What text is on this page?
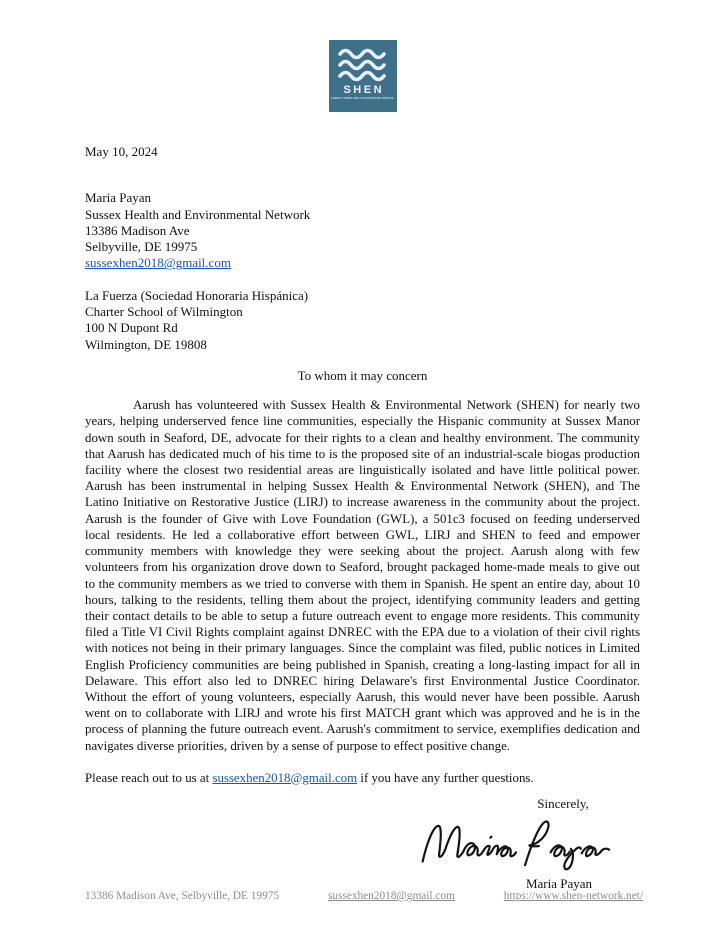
SHEN
Sussex Health and Environmental Network
May 10, 2024
Maria Payan
Sussex Health and Environmental Network
13386 Madison Ave
Selbyville, DE 19975
sussexhen2018@gmail.com
La Fuerza (Sociedad Honoraria Hispánica)
Charter School of Wilmington
100 N Dupont Rd
Wilmington, DE 19808
To whom it may concern

Aarush has volunteered with Sussex Health & Environmental Network (SHEN) for nearly two years, helping underserved fence line communities, especially the Hispanic community at Sussex Manor down south in Seaford, DE, advocate for their rights to a clean and healthy environment. The community that Aarush has dedicated much of his time to is the proposed site of an industrial-scale biogas production facility where the closest two residential areas are linguistically isolated and have little political power. Aarush has been instrumental in helping Sussex Health & Environmental Network (SHEN), and The Latino Initiative on Restorative Justice (LIRJ) to increase awareness in the community about the project. Aarush is the founder of Give with Love Foundation (GWL), a 501c3 focused on feeding underserved local residents. He led a collaborative effort between GWL, LIRJ and SHEN to feed and empower community members with knowledge they were seeking about the project. Aarush along with few volunteers from his organization drove down to Seaford, brought packaged home-made meals to give out to the community members as we tried to converse with them in Spanish. He spent an entire day, about 10 hours, talking to the residents, telling them about the project, identifying community leaders and getting their contact details to be able to setup a future outreach event to engage more residents. This community filed a Title VI Civil Rights complaint against DNREC with the EPA due to a violation of their civil rights with notices not being in their primary languages. Since the complaint was filed, public notices in Limited English Proficiency communities are being published in Spanish, creating a long-lasting impact for all in Delaware. This effort also led to DNREC hiring Delaware's first Environmental Justice Coordinator. Without the effort of young volunteers, especially Aarush, this would never have been possible. Aarush went on to collaborate with LIRJ and wrote his first MATCH grant which was approved and he is in the process of planning the future outreach event. Aarush's commitment to service, exemplifies dedication and navigates diverse priorities, driven by a sense of purpose to effect positive change.

Please reach out to us at sussexhen2018@gmail.com if you have any further questions.

Sincerely,
Maria Payan
13386 Madison Ave, Selbyville, DE 19975	sussexhen2018@gmail.com	https://www.shen-network.net/
